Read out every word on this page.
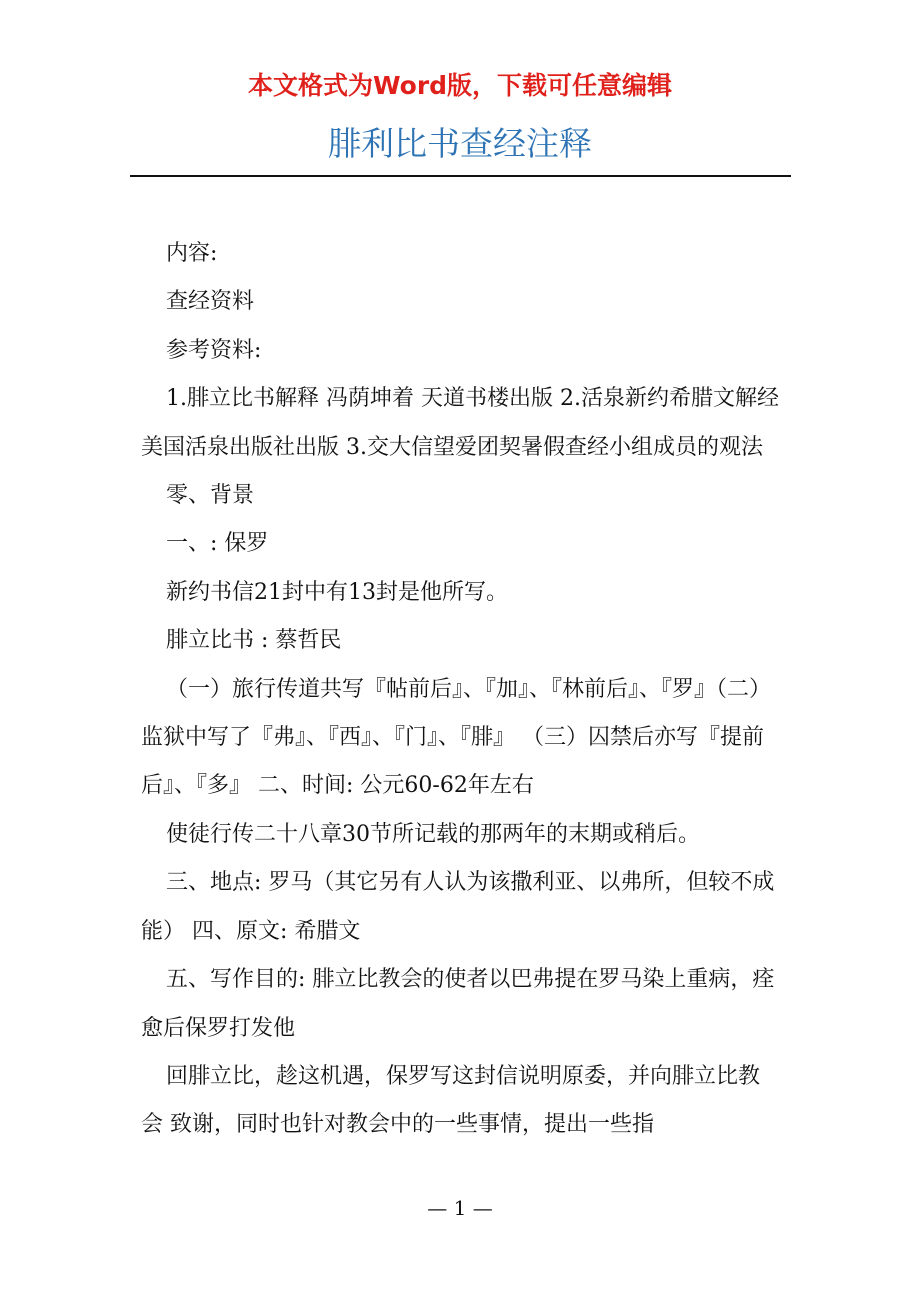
本文格式为Word版，下载可任意编辑
腓利比书查经注释

内容:

查经资料

参考资料:

1.腓立比书解释 冯荫坤着 天道书楼出版 2.活泉新约希腊文解经 美国活泉出版社出版 3.交大信望爱团契暑假查经小组成员的观法

零、背景

一、: 保罗

新约书信21封中有13封是他所写。

腓立比书 : 蔡哲民

（一）旅行传道共写『帖前后』、『加』、『林前后』、『罗』（二）监狱中写了『弗』、『西』、『门』、『腓』 （三）囚禁后亦写『提前后』、『多』 二、时间: 公元60-62年左右

使徒行传二十八章30节所记载的那两年的末期或稍后。

三、地点: 罗马（其它另有人认为该撒利亚、以弗所，但较不成能） 四、原文: 希腊文

五、写作目的: 腓立比教会的使者以巴弗提在罗马染上重病，痊愈后保罗打发他

回腓立比，趁这机遇，保罗写这封信说明原委，并向腓立比教会 致谢，同时也针对教会中的一些事情，提出一些指

— 1 —
